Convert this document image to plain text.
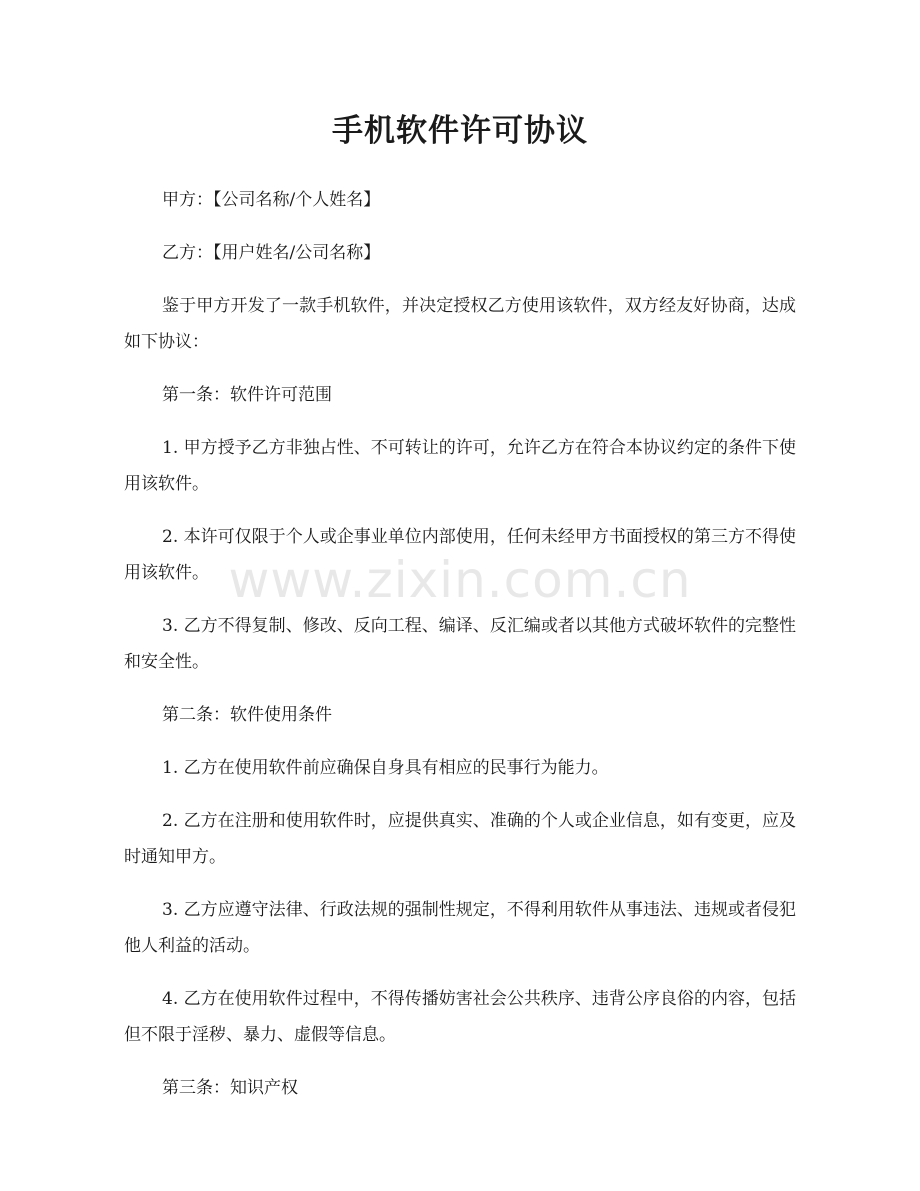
手机软件许可协议

甲方：【公司名称/个人姓名】

乙方：【用户姓名/公司名称】

鉴于甲方开发了一款手机软件，并决定授权乙方使用该软件，双方经友好协商，达成如下协议：

第一条：软件许可范围

1. 甲方授予乙方非独占性、不可转让的许可，允许乙方在符合本协议约定的条件下使用该软件。

2. 本许可仅限于个人或企事业单位内部使用，任何未经甲方书面授权的第三方不得使用该软件。

3. 乙方不得复制、修改、反向工程、编译、反汇编或者以其他方式破坏软件的完整性和安全性。

第二条：软件使用条件

1. 乙方在使用软件前应确保自身具有相应的民事行为能力。

2. 乙方在注册和使用软件时，应提供真实、准确的个人或企业信息，如有变更，应及时通知甲方。

3. 乙方应遵守法律、行政法规的强制性规定，不得利用软件从事违法、违规或者侵犯他人利益的活动。

4. 乙方在使用软件过程中，不得传播妨害社会公共秩序、违背公序良俗的内容，包括但不限于淫秽、暴力、虚假等信息。

第三条：知识产权

www.zixin.com.cn
